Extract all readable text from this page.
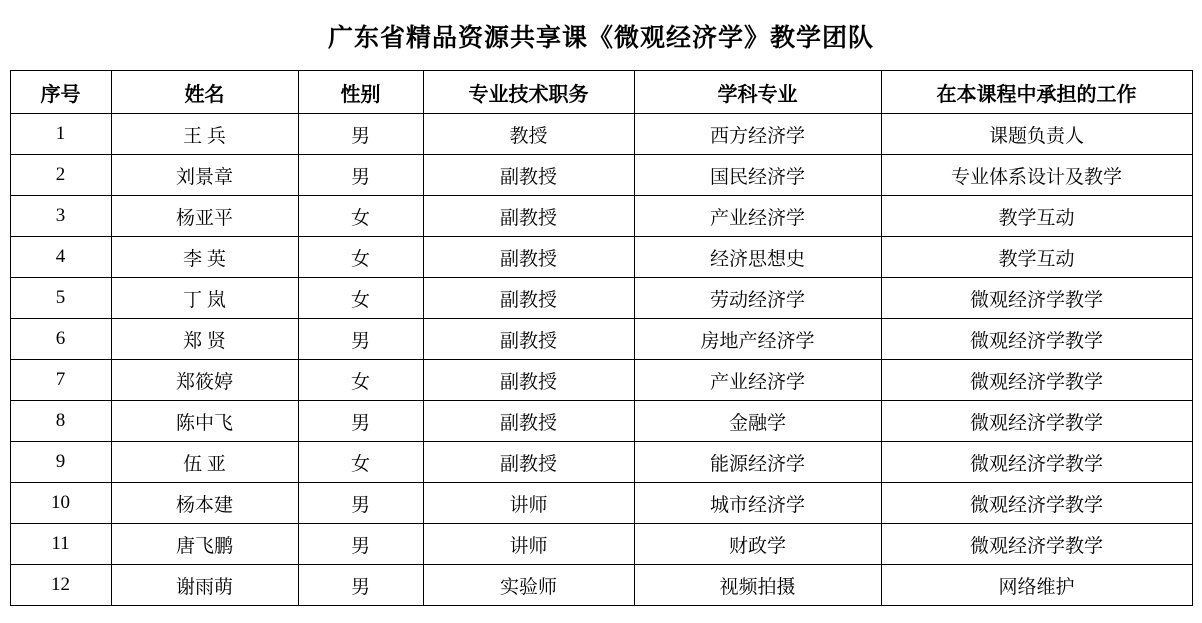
广东省精品资源共享课《微观经济学》教学团队
序号	姓名	性别	专业技术职务	学科专业	在本课程中承担的工作
1	王 兵	男	教授	西方经济学	课题负责人
2	刘景章	男	副教授	国民经济学	专业体系设计及教学
3	杨亚平	女	副教授	产业经济学	教学互动
4	李 英	女	副教授	经济思想史	教学互动
5	丁 岚	女	副教授	劳动经济学	微观经济学教学
6	郑 贤	男	副教授	房地产经济学	微观经济学教学
7	郑筱婷	女	副教授	产业经济学	微观经济学教学
8	陈中飞	男	副教授	金融学	微观经济学教学
9	伍 亚	女	副教授	能源经济学	微观经济学教学
10	杨本建	男	讲师	城市经济学	微观经济学教学
11	唐飞鹏	男	讲师	财政学	微观经济学教学
12	谢雨萌	男	实验师	视频拍摄	网络维护
